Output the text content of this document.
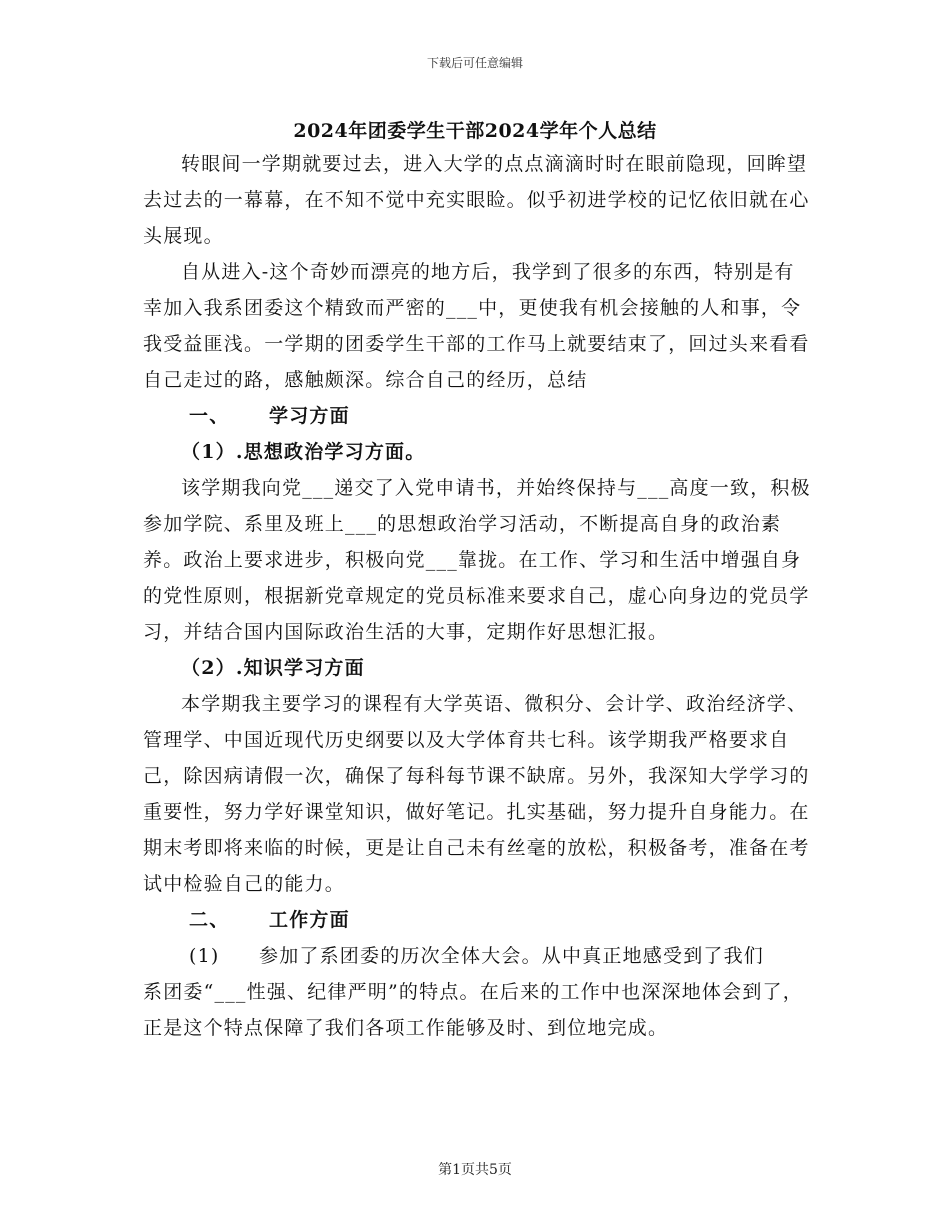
下载后可任意编辑
2024年团委学生干部2024学年个人总结

转眼间一学期就要过去，进入大学的点点滴滴时时在眼前隐现，回眸望去过去的一幕幕，在不知不觉中充实眼睑。似乎初进学校的记忆依旧就在心头展现。

自从进入-这个奇妙而漂亮的地方后，我学到了很多的东西，特别是有幸加入我系团委这个精致而严密的___中，更使我有机会接触的人和事，令我受益匪浅。一学期的团委学生干部的工作马上就要结束了，回过头来看看自己走过的路，感触颇深。综合自己的经历，总结

一、 学习方面

（1）.思想政治学习方面。

该学期我向党___递交了入党申请书，并始终保持与___高度一致，积极参加学院、系里及班上___的思想政治学习活动，不断提高自身的政治素养。政治上要求进步，积极向党___靠拢。在工作、学习和生活中增强自身的党性原则，根据新党章规定的党员标准来要求自己，虚心向身边的党员学习，并结合国内国际政治生活的大事，定期作好思想汇报。

（2）.知识学习方面

本学期我主要学习的课程有大学英语、微积分、会计学、政治经济学、管理学、中国近现代历史纲要以及大学体育共七科。该学期我严格要求自己，除因病请假一次，确保了每科每节课不缺席。另外，我深知大学学习的重要性，努力学好课堂知识，做好笔记。扎实基础，努力提升自身能力。在期末考即将来临的时候，更是让自己未有丝毫的放松，积极备考，准备在考试中检验自己的能力。

二、 工作方面

(1) 参加了系团委的历次全体大会。从中真正地感受到了我们

系团委“___性强、纪律严明”的特点。在后来的工作中也深深地体会到了，正是这个特点保障了我们各项工作能够及时、到位地完成。

第1页共5页
